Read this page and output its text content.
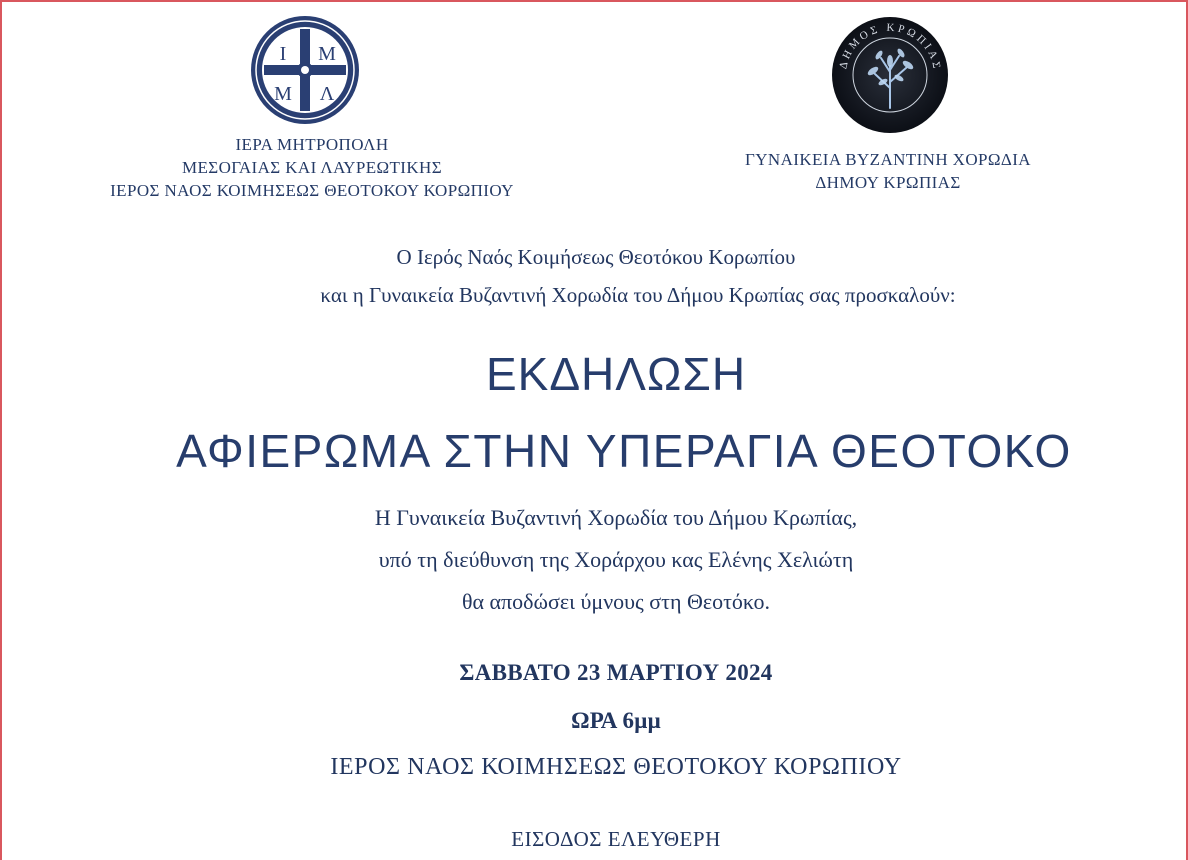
Ι Μ
Μ Λ
ΔΗΜΟΣ ΚΡΩΠΙΑΣ
ΙΕΡΑ ΜΗΤΡΟΠΟΛΗ
ΜΕΣΟΓΑΙΑΣ ΚΑΙ ΛΑΥΡΕΩΤΙΚΗΣ
ΙΕΡΟΣ ΝΑΟΣ ΚΟΙΜΗΣΕΩΣ ΘΕΟΤΟΚΟΥ ΚΟΡΩΠΙΟΥ
ΓΥΝΑΙΚΕΙΑ ΒΥΖΑΝΤΙΝΗ ΧΟΡΩΔΙΑ
ΔΗΜΟΥ ΚΡΩΠΙΑΣ
Ο Ιερός Ναός Κοιμήσεως Θεοτόκου Κορωπίου
και η Γυναικεία Βυζαντινή Χορωδία του Δήμου Κρωπίας σας προσκαλούν:
ΕΚΔΗΛΩΣΗ
ΑΦΙΕΡΩΜΑ ΣΤΗΝ ΥΠΕΡΑΓΙΑ ΘΕΟΤΟΚΟ
Η Γυναικεία Βυζαντινή Χορωδία του Δήμου Κρωπίας,
υπό τη διεύθυνση της Χοράρχου κας Ελένης Χελιώτη
θα αποδώσει ύμνους στη Θεοτόκο.
ΣΑΒΒΑΤΟ 23 ΜΑΡΤΙΟΥ 2024
ΩΡΑ 6μμ
ΙΕΡΟΣ ΝΑΟΣ ΚΟΙΜΗΣΕΩΣ ΘΕΟΤΟΚΟΥ ΚΟΡΩΠΙΟΥ
ΕΙΣΟΔΟΣ ΕΛΕΥΘΕΡΗ
